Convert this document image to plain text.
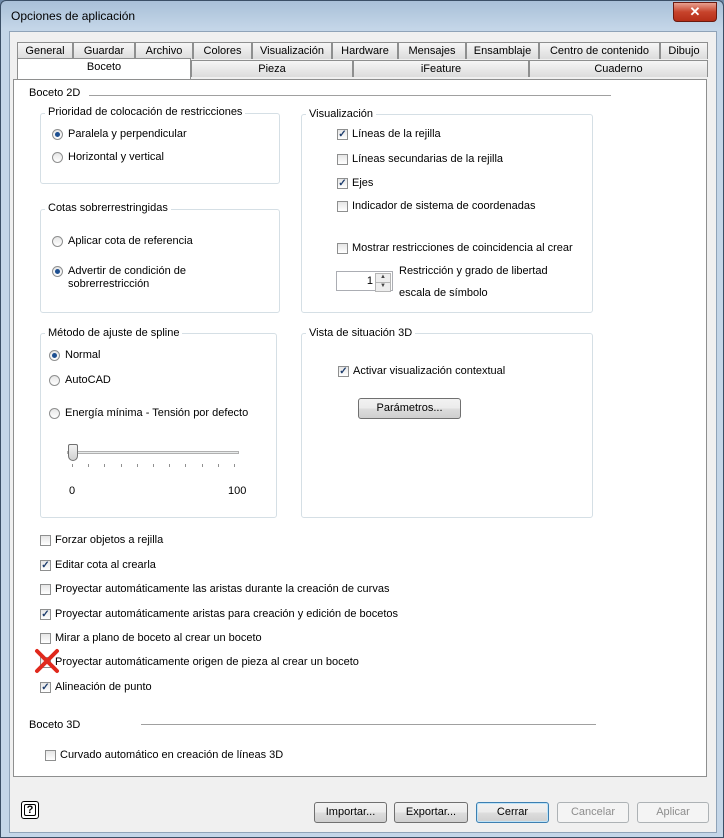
Opciones de aplicación	✕
General	Guardar	Archivo	Colores	Visualización	Hardware	Mensajes	Ensamblaje	Centro de contenido	Dibujo
Pieza	iFeature	Cuaderno
Boceto
Boceto 2D
Prioridad de colocación de restricciones
Paralela y perpendicular
Horizontal y vertical
Cotas sobrerrestringidas
Aplicar cota de referencia
Advertir de condición de sobrerrestricción
Visualización
✓ Líneas de la rejilla
Líneas secundarias de la rejilla
✓ Ejes
Indicador de sistema de coordenadas
Mostrar restricciones de coincidencia al crear
1	▲
▼
Restricción y grado de libertad
escala de símbolo
Método de ajuste de spline
Normal
AutoCAD
Energía mínima - Tensión por defecto
0	100
Vista de situación 3D
✓ Activar visualización contextual
Parámetros...
Forzar objetos a rejilla
✓ Editar cota al crearla
Proyectar automáticamente las aristas durante la creación de curvas
✓ Proyectar automáticamente aristas para creación y edición de bocetos
Mirar a plano de boceto al crear un boceto
Proyectar automáticamente origen de pieza al crear un boceto
✓ Alineación de punto
Boceto 3D
Curvado automático en creación de líneas 3D
?	Importar...	Exportar...	Cerrar	Cancelar	Aplicar
